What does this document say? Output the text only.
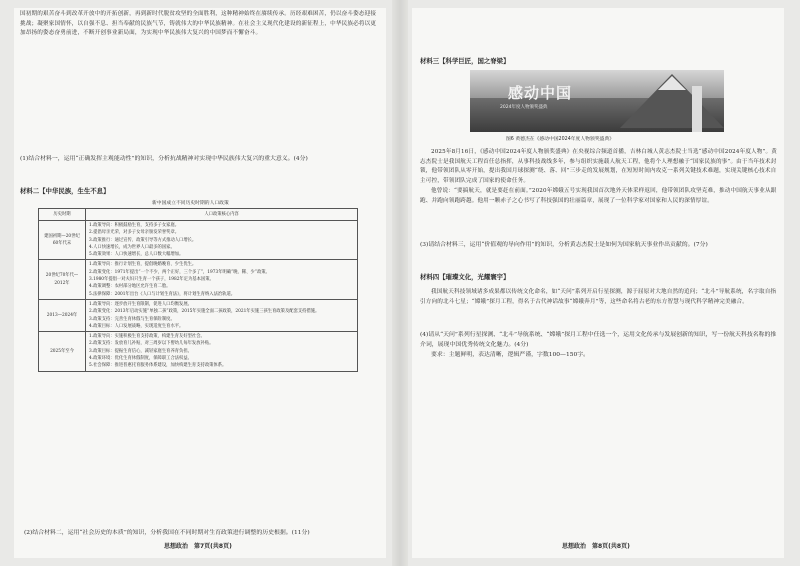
国初期的艰苦奋斗到改革开放中的开拓创新，再到新时代脱贫攻坚的全面胜利，这种精神始终在赓续传承。历经艰难困苦，仍以奋斗姿态迎接挑战；凝聚家国情怀，以自强不息、担当奉献的民族气节，铸就伟大的中华民族精神。在社会主义现代化建设的新征程上，中华民族必将以更加昂扬的姿态奋勇前进，不断开创事业新局面，为实现中华民族伟大复兴的中国梦而不懈奋斗。

(1)结合材料一，运用“正确发挥主观能动性”的知识，分析抗战精神对实现中华民族伟大复兴的重大意义。(4分)

材料二【中华民族，生生不息】
新中国成立不同历史时期的人口政策
历史时期	人口政策核心内容
建国初期—20世纪60年代末	1.政策导向：积极鼓励生育，支持多子女家庭。

2.提倡母亲光荣，对多子女母亲颁发荣誉奖章。

3.政策推行：通过宣传、政策引导等方式推动人口增长。

4.人口快速增长，成为世界人口最多的国家。

5.政策效果：人口快速增长，总人口数大幅增加。

20世纪70年代—2012年	1.政策导向：推行计划生育，提倡晚婚晚育、少生优生。

2.政策变化：1971年提出“一个不少，两个正好，三个多了”，1973年明确“晚、稀、少”政策。

3.1980年提倡一对夫妇只生育一个孩子，1982年定为基本国策。

4.政策调整：农村部分地区允许生育二胎。

5.法律保障：2001年出台《人口与计划生育法》，将计划生育纳入法治轨道。

2013—2024年	1.政策导向：逐步放开生育限制，促进人口均衡发展。

2.政策变化：2013年启动实施“单独二孩”政策，2015年实施全面二孩政策，2021年实施三孩生育政策及配套支持措施。

3.政策支持：完善生育休假与生育保险制度。

4.政策目标：人口发展战略，实现适度生育水平。

2025年至今	1.政策导向：实施积极生育支持政策，构建生育友好型社会。

2.政策支持：发放育儿补贴，对三周岁以下婴幼儿每年发放补贴。

3.政策目标：提振生育信心，减轻家庭生育养育负担。

4.政策环境：优化生育休假制度，保障职工合法权益。

5.社会保障：推进普惠托育服务体系建设，加快构建生育支持政策体系。

(2)结合材料二，运用“社会历史的本质”的知识，分析我国在不同时期对生育政策进行调整的历史根据。(11分)

思想政治　第7页(共8页)
材料三【科学巨匠，国之脊梁】
感动中国
2024年度人物颁奖盛典
图6 黄德杰在《感动中国2024年度人物颁奖盛典》

2025年8月16日，《感动中国2024年度人物颁奖盛典》在央视综合频道首播，吉林白城人黄志杰院士当选“感动中国2024年度人物”。黄志杰院士是我国航天工程首任总指挥，从事科技战线多年，参与组织实施载人航天工程，他将个人理想融于“国家民族的事”。由于当年技术封锁，他带领团队从零开始，提出我国月球探测“绕、落、回”三步走的发展规划，在短短时间内攻克一系列关键技术难题，实现关键核心技术自主可控，带领团队完成了国家的使命任务。

他曾说：“要搞航天，就是要赶在前面。”2020年嫦娥五号实现我国首次地外天体采样返回，他带领团队攻坚克难，推动中国航天事业从跟跑、并跑向领跑跨越。他用一颗赤子之心书写了科技强国的壮丽篇章，展现了一位科学家对国家和人民的深情厚谊。

(3)请结合材料三，运用“价值观的导向作用”的知识，分析黄志杰院士是如何为国家航天事业作出贡献的。(7分)

材料四【璀璨文化，光耀寰宇】

我国航天科技领域诸多成果都以传统文化命名，如“天问”系列开启行星探测，源于屈原对大地自然的追问；“北斗”导航系统，名字取自指引方向的北斗七星；“嫦娥”探月工程，得名于古代神话故事“嫦娥奔月”等，这些命名将古老的东方智慧与现代科学精神完美融合。

(4)请从“天问”系列行星探测、“北斗”导航系统、“嫦娥”探月工程中任选一个，运用文化传承与发展创新的知识，写一份航天科技名称的推介词，展现中国优秀传统文化魅力。(4分)

要求：主题鲜明，表达清晰，逻辑严谨，字数100—150字。

思想政治　第8页(共8页)
